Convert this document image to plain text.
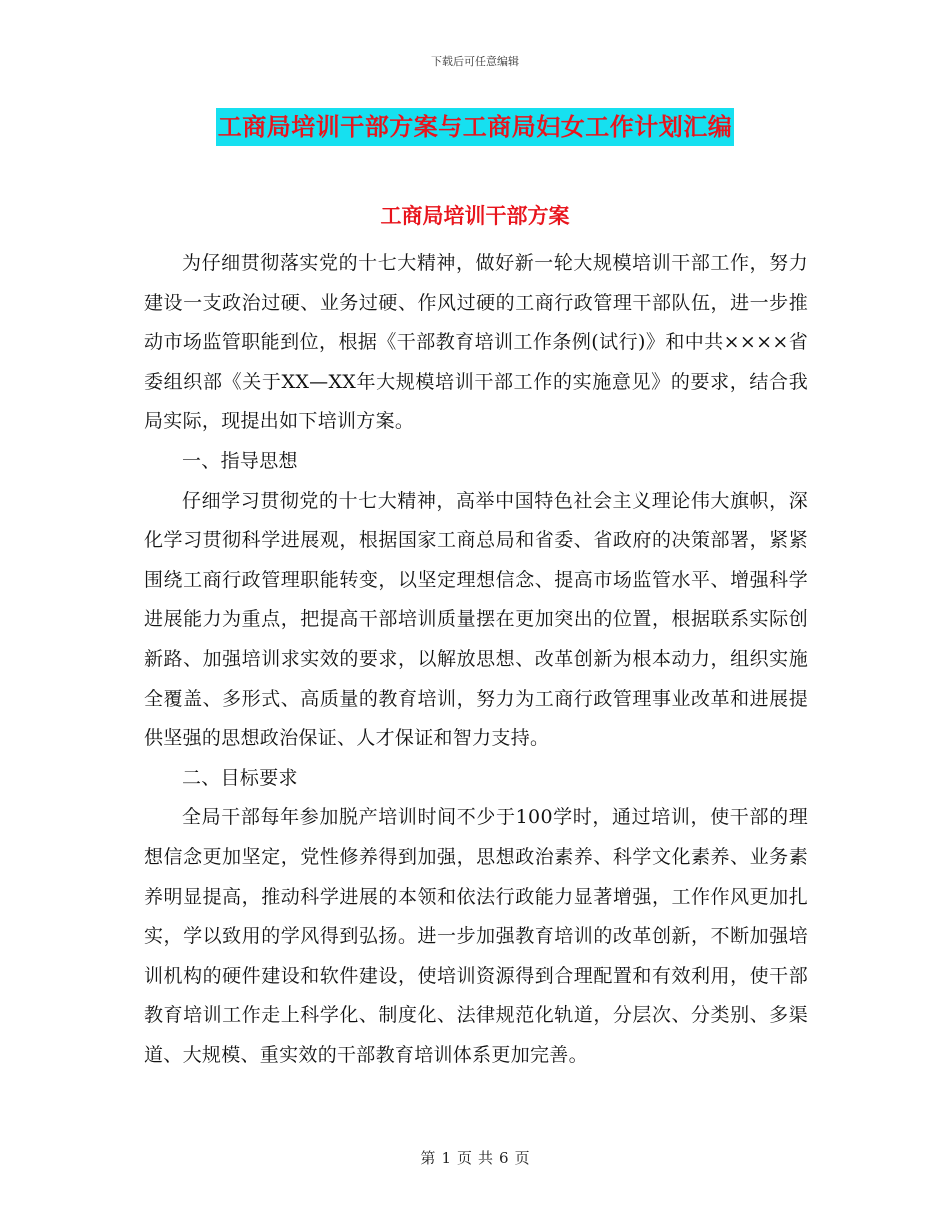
下载后可任意编辑
工商局培训干部方案与工商局妇女工作计划汇编
工商局培训干部方案

为仔细贯彻落实党的十七大精神，做好新一轮大规模培训干部工作，努力建设一支政治过硬、业务过硬、作风过硬的工商行政管理干部队伍，进一步推动市场监管职能到位，根据《干部教育培训工作条例(试行)》和中共××××省委组织部《关于XX—XX年大规模培训干部工作的实施意见》的要求，结合我局实际，现提出如下培训方案。

一、指导思想

仔细学习贯彻党的十七大精神，高举中国特色社会主义理论伟大旗帜，深化学习贯彻科学进展观，根据国家工商总局和省委、省政府的决策部署，紧紧围绕工商行政管理职能转变，以坚定理想信念、提高市场监管水平、增强科学进展能力为重点，把提高干部培训质量摆在更加突出的位置，根据联系实际创新路、加强培训求实效的要求，以解放思想、改革创新为根本动力，组织实施全覆盖、多形式、高质量的教育培训，努力为工商行政管理事业改革和进展提供坚强的思想政治保证、人才保证和智力支持。

二、目标要求

全局干部每年参加脱产培训时间不少于100学时，通过培训，使干部的理想信念更加坚定，党性修养得到加强，思想政治素养、科学文化素养、业务素养明显提高，推动科学进展的本领和依法行政能力显著增强，工作作风更加扎实，学以致用的学风得到弘扬。进一步加强教育培训的改革创新，不断加强培训机构的硬件建设和软件建设，使培训资源得到合理配置和有效利用，使干部教育培训工作走上科学化、制度化、法律规范化轨道，分层次、分类别、多渠道、大规模、重实效的干部教育培训体系更加完善。

第 1 页 共 6 页
